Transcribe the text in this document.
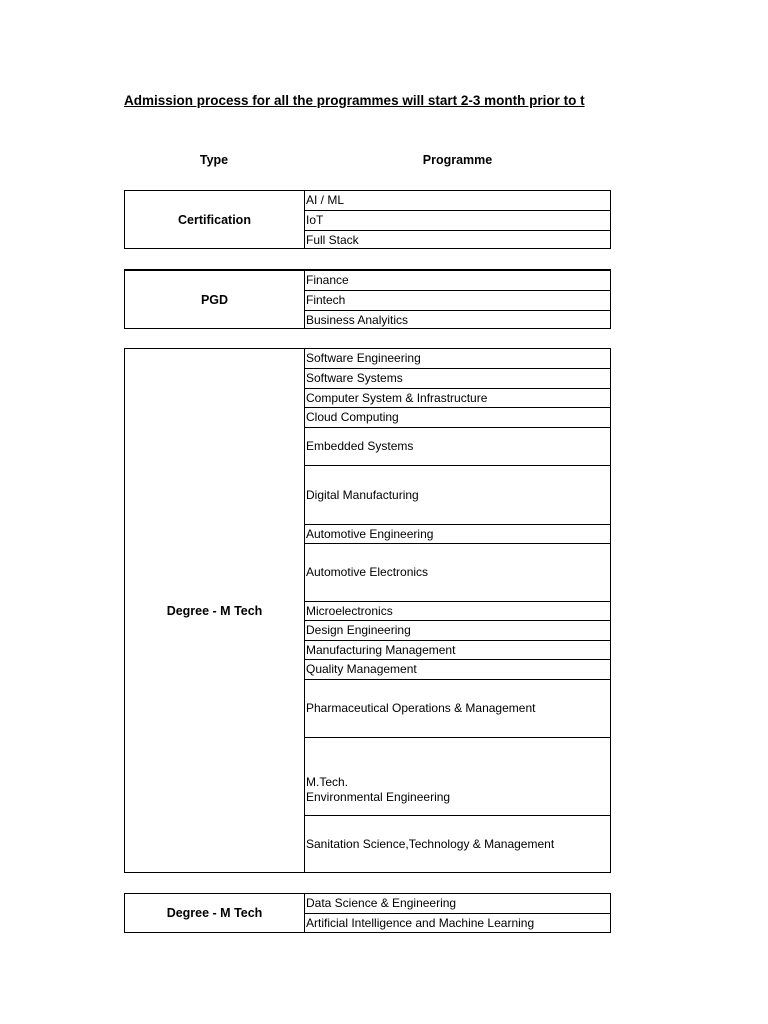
Admission process for all the programmes will start 2-3 month prior to t
Type	Programme
Certification
AI / ML
IoT
Full Stack
PGD
Finance
Fintech
Business Analyitics
Degree - M Tech
Software Engineering
Software Systems
Computer System & Infrastructure
Cloud Computing
Embedded Systems
Digital Manufacturing
Automotive Engineering
Automotive Electronics
Microelectronics
Design Engineering
Manufacturing Management
Quality Management
Pharmaceutical Operations & Management
M.Tech.
Environmental Engineering
Sanitation Science,Technology & Management
Degree - M Tech
Data Science & Engineering
Artificial Intelligence and Machine Learning
